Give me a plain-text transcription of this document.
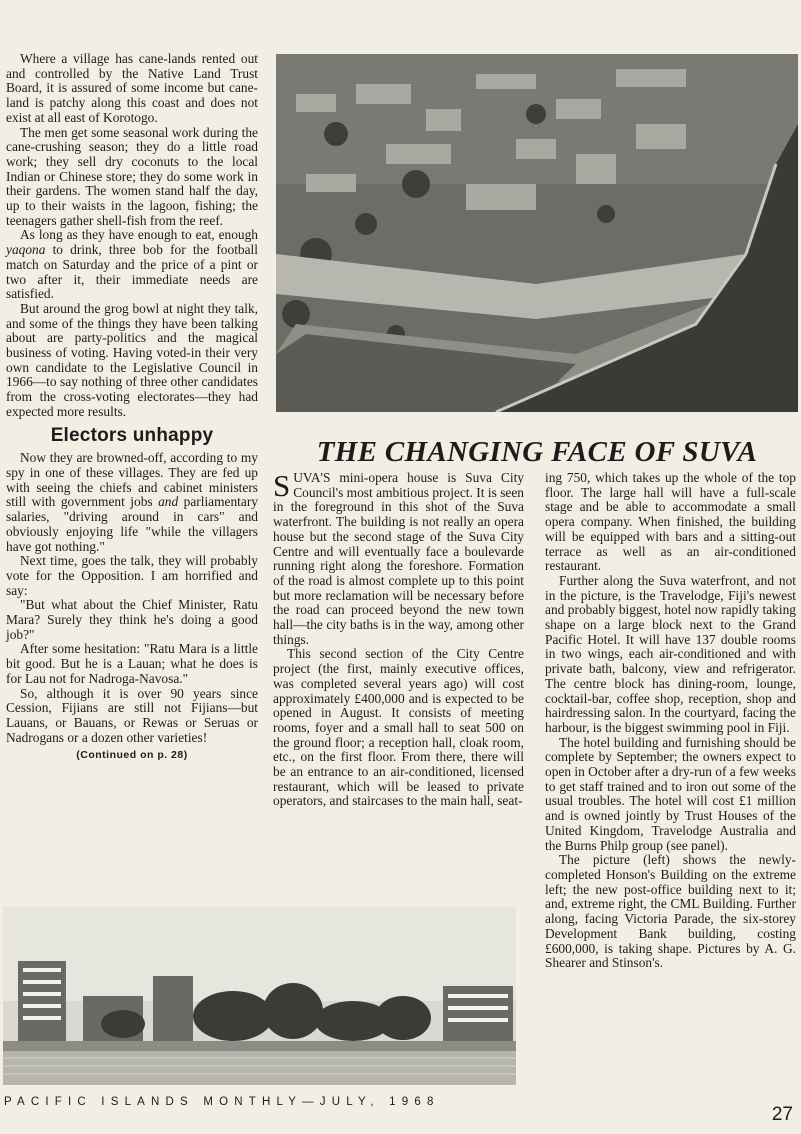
Where a village has cane-lands rented out and controlled by the Native Land Trust Board, it is assured of some income but cane-land is patchy along this coast and does not exist at all east of Korotogo.

The men get some seasonal work during the cane-crushing season; they do a little road work; they sell dry coconuts to the local Indian or Chinese store; they do some work in their gardens. The women stand half the day, up to their waists in the lagoon, fishing; the teenagers gather shell-fish from the reef.

As long as they have enough to eat, enough yaqona to drink, three bob for the football match on Saturday and the price of a pint or two after it, their immediate needs are satisfied.

But around the grog bowl at night they talk, and some of the things they have been talking about are party-politics and the magical business of voting. Having voted-in their very own candidate to the Legislative Council in 1966—to say nothing of three other candidates from the cross-voting electorates—they had expected more results.

Electors unhappy

Now they are browned-off, according to my spy in one of these villages. They are fed up with seeing the chiefs and cabinet ministers still with government jobs and parliamentary salaries, "driving around in cars" and obviously enjoying life "while the villagers have got nothing."

Next time, goes the talk, they will probably vote for the Opposition. I am horrified and say:

"But what about the Chief Minister, Ratu Mara? Surely they think he's doing a good job?"

After some hesitation: "Ratu Mara is a little bit good. But he is a Lauan; what he does is for Lau not for Nadroga-Navosa."

So, although it is over 90 years since Cession, Fijians are still not Fijians—but Lauans, or Bauans, or Rewas or Seruas or Nadrogans or a dozen other varieties!

(Continued on p. 28)
THE CHANGING FACE OF SUVA

SUVA'S mini-opera house is Suva City Council's most ambitious project. It is seen in the foreground in this shot of the Suva waterfront. The building is not really an opera house but the second stage of the Suva City Centre and will eventually face a boulevarde running right along the foreshore. Formation of the road is almost complete up to this point but more reclamation will be necessary before the road can proceed beyond the new town hall—the city baths is in the way, among other things.

This second section of the City Centre project (the first, mainly executive offices, was completed several years ago) will cost approximately £400,000 and is expected to be opened in August. It consists of meeting rooms, foyer and a small hall to seat 500 on the ground floor; a reception hall, cloak room, etc., on the first floor. From there, there will be an entrance to an air-conditioned, licensed restaurant, which will be leased to private operators, and staircases to the main hall, seat-

ing 750, which takes up the whole of the top floor. The large hall will have a full-scale stage and be able to accommodate a small opera company. When finished, the building will be equipped with bars and a sitting-out terrace as well as an air-conditioned restaurant.

Further along the Suva waterfront, and not in the picture, is the Travelodge, Fiji's newest and probably biggest, hotel now rapidly taking shape on a large block next to the Grand Pacific Hotel. It will have 137 double rooms in two wings, each air-conditioned and with private bath, balcony, view and refrigerator. The centre block has dining-room, lounge, cocktail-bar, coffee shop, reception, shop and hairdressing salon. In the courtyard, facing the harbour, is the biggest swimming pool in Fiji.

The hotel building and furnishing should be complete by September; the owners expect to open in October after a dry-run of a few weeks to get staff trained and to iron out some of the usual troubles. The hotel will cost £1 million and is owned jointly by Trust Houses of the United Kingdom, Travelodge Australia and the Burns Philp group (see panel).

The picture (left) shows the newly-completed Honson's Building on the extreme left; the new post-office building next to it; and, extreme right, the CML Building. Further along, facing Victoria Parade, the six-storey Development Bank building, costing £600,000, is taking shape. Pictures by A. G. Shearer and Stinson's.

PACIFIC ISLANDS MONTHLY—JULY, 1968
27
